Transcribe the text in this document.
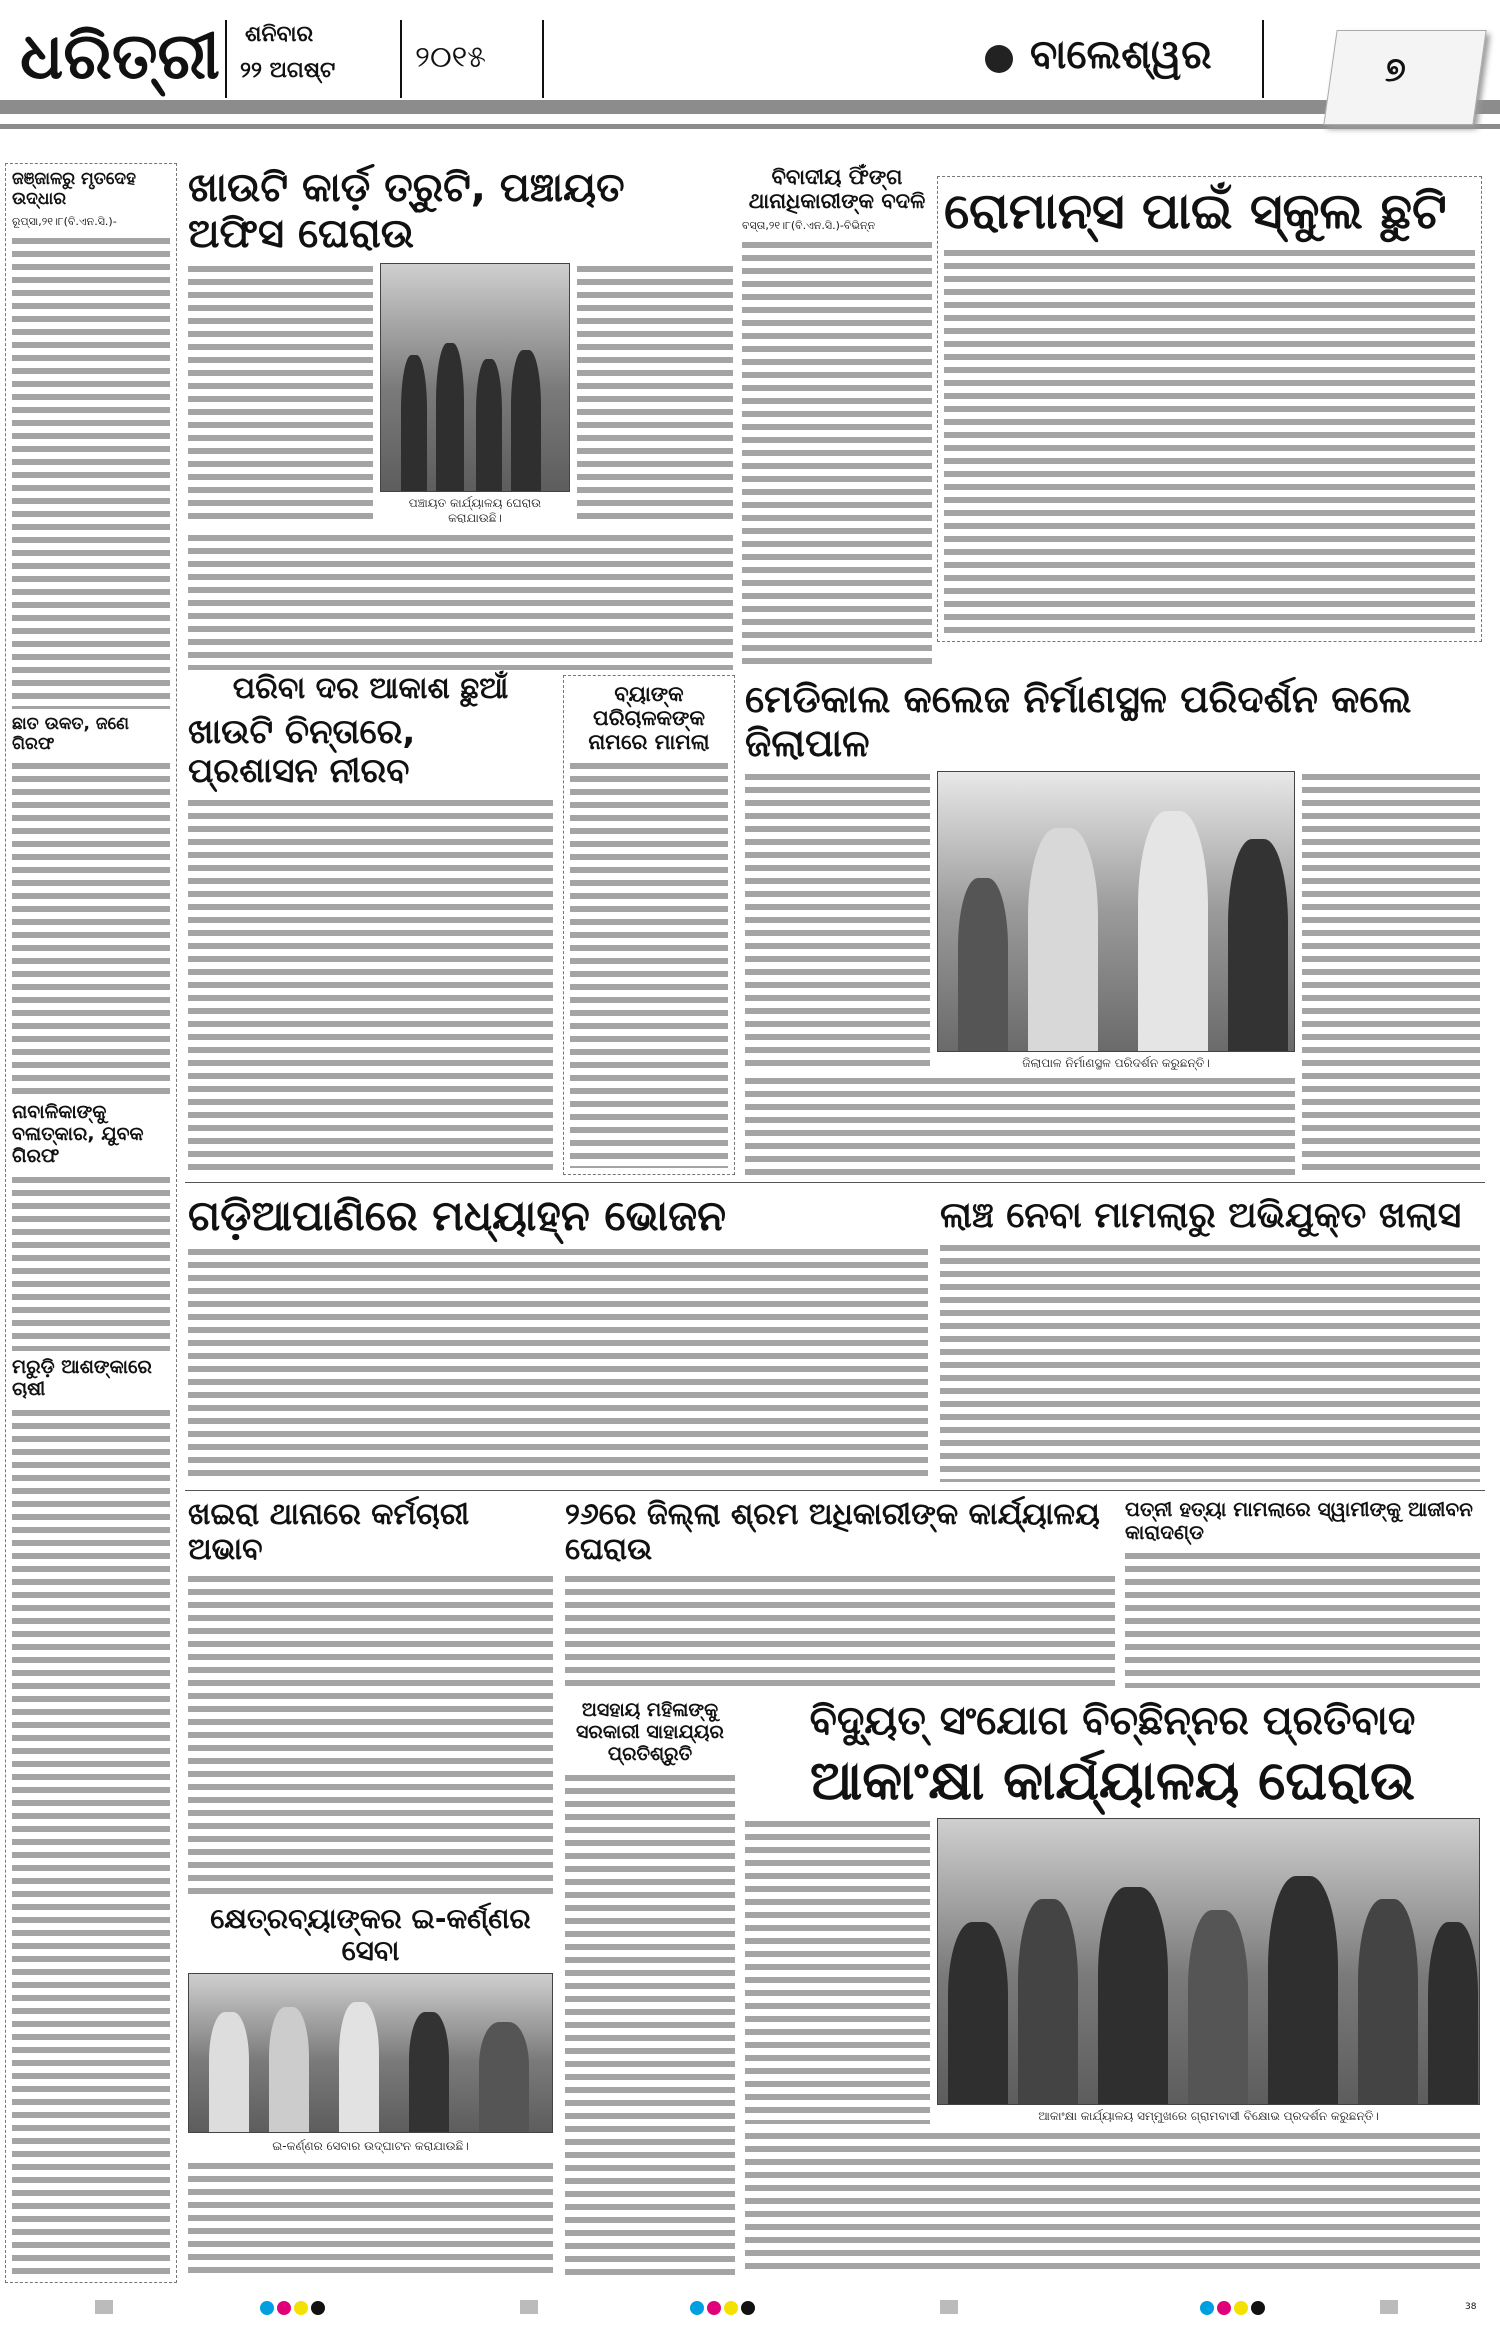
ଧରିତ୍ରୀ ଶନିବାର
୨୨ ଅଗଷ୍ଟ	୨୦୧୫	ବାଲେଶ୍ୱର	୭
ଜଞ୍ଜାଳରୁ ମୃତଦେହ ଉଦ୍ଧାର
ରୂପ୍ସା,୨୧।୮(ବି.ଏନ.ସି.)-
ଛାତ ଉକତ, ଜଣେ ଗିରଫ
ନାବାଳିକାଙ୍କୁ ବଳାତ୍କାର, ଯୁବକ ଗିରଫ
ମରୁଡ଼ି ଆଶଙ୍କାରେ ଚାଷୀ
ଖାଉଟି କାର୍ଡ଼ ତ୍ରୁଟି, ପଞ୍ଚାୟତ ଅଫିସ ଘେରାଉ
ପଞ୍ଚାୟତ କାର୍ଯ୍ୟାଳୟ ଘେରାଉ କରାଯାଉଛି।
ବିବାଦୀୟ ଫିଁଙ୍ଗ ଥାନାଧିକାରୀଙ୍କ ବଦଳି
ବସ୍ତା,୨୧।୮(ବି.ଏନ.ସି.)-ବିଭିନ୍ନ	ରୋମାନ୍ସ ପାଇଁ ସ୍କୁଲ ଛୁଟି
ପରିବା ଦର ଆକାଶ ଛୁଆଁ
ଖାଉଟି ଚିନ୍ତାରେ, ପ୍ରଶାସନ ନୀରବ
ବ୍ୟାଙ୍କ ପରିଚାଳକଙ୍କ ନାମରେ ମାମଲା
ମେଡିକାଲ କଲେଜ ନିର୍ମାଣସ୍ଥଳ ପରିଦର୍ଶନ କଲେ ଜିଲାପାଳ
ଜିଲାପାଳ ନିର୍ମାଣସ୍ଥଳ ପରିଦର୍ଶନ କରୁଛନ୍ତି।
ଗଡ଼ିଆପାଣିରେ ମଧ୍ୟାହ୍ନ ଭୋଜନ	ଲାଞ୍ଚ ନେବା ମାମଲାରୁ ଅଭିଯୁକ୍ତ ଖଲାସ
ଖଇରା ଥାନାରେ କର୍ମଚାରୀ ଅଭାବ
୨୬ରେ ଜିଲ୍ଲା ଶ୍ରମ ଅଧିକାରୀଙ୍କ କାର୍ଯ୍ୟାଳୟ ଘେରାଉ
ପତ୍ନୀ ହତ୍ୟା ମାମଲାରେ ସ୍ୱାମୀଙ୍କୁ ଆଜୀବନ କାରାଦଣ୍ଡ
କ୍ଷେତ୍ରବ୍ୟାଙ୍କର ଇ-କର୍ଣ୍ଣର ସେବା
ଇ-କର୍ଣ୍ଣର ସେବାର ଉଦ୍‌ଘାଟନ କରାଯାଉଛି।
ଅସହାୟ ମହିଳାଙ୍କୁ ସରକାରୀ ସାହାଯ୍ୟର ପ୍ରତିଶ୍ରୁତି
ବିଦ୍ୟୁତ୍ ସଂଯୋଗ ବିଚ୍ଛିନ୍ନର ପ୍ରତିବାଦ
ଆକାଂକ୍ଷା କାର୍ଯ୍ୟାଳୟ ଘେରାଉ
ଆକାଂକ୍ଷା କାର୍ଯ୍ୟାଳୟ ସମ୍ମୁଖରେ ଗ୍ରାମବାସୀ ବିକ୍ଷୋଭ ପ୍ରଦର୍ଶନ କରୁଛନ୍ତି।
38
